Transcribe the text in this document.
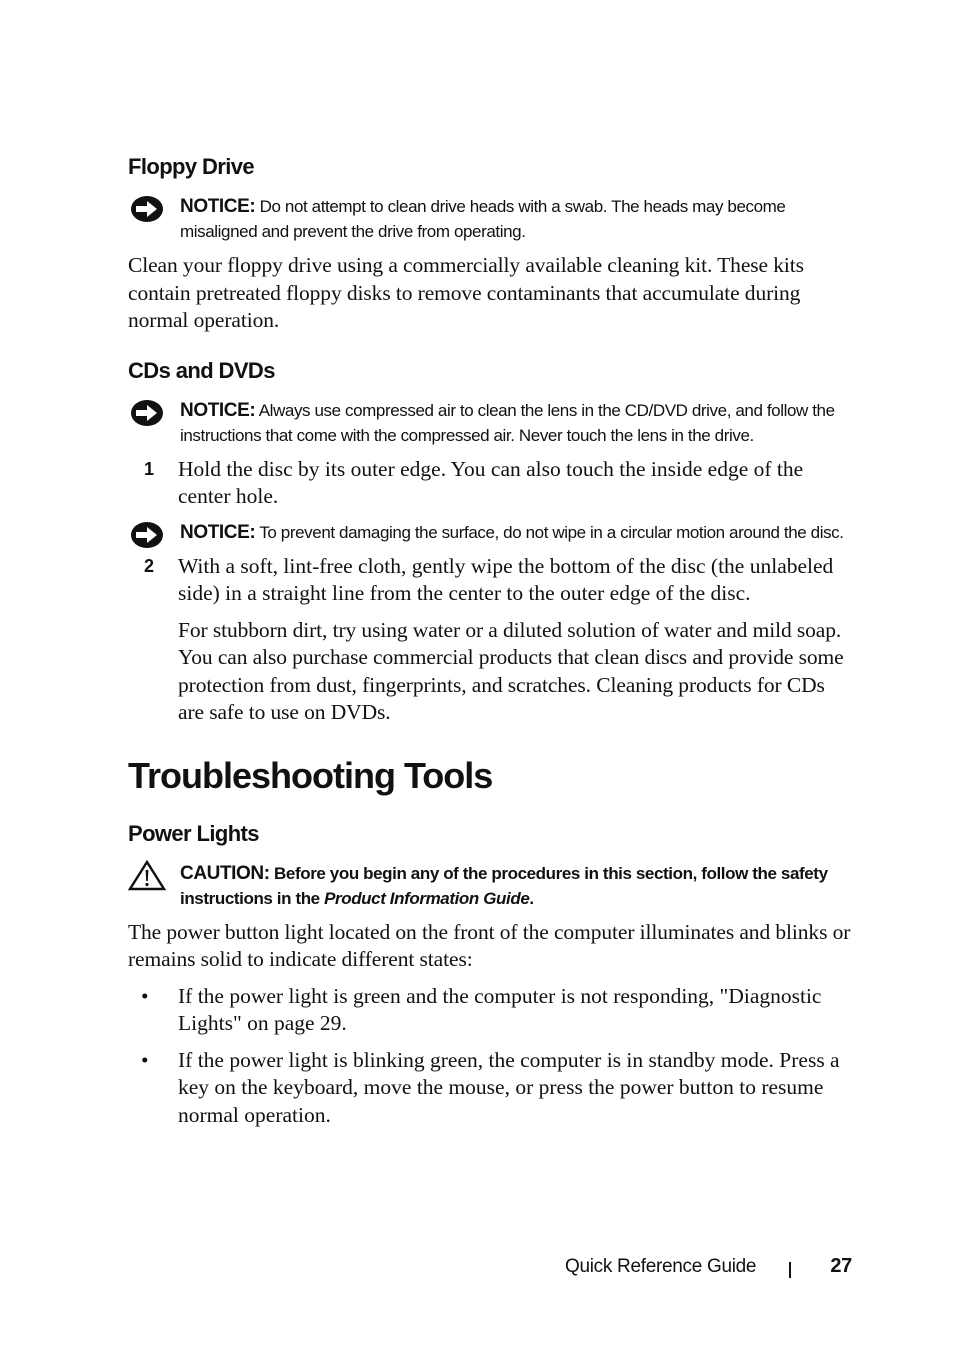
Floppy Drive
NOTICE: Do not attempt to clean drive heads with a swab. The heads may become misaligned and prevent the drive from operating.

Clean your floppy drive using a commercially available cleaning kit. These kits contain pretreated floppy disks to remove contaminants that accumulate during normal operation.

CDs and DVDs
NOTICE: Always use compressed air to clean the lens in the CD/DVD drive, and follow the instructions that come with the compressed air. Never touch the lens in the drive.
1 Hold the disc by its outer edge. You can also touch the inside edge of the center hole.
NOTICE: To prevent damaging the surface, do not wipe in a circular motion around the disc.
2 With a soft, lint-free cloth, gently wipe the bottom of the disc (the unlabeled side) in a straight line from the center to the outer edge of the disc.

For stubborn dirt, try using water or a diluted solution of water and mild soap. You can also purchase commercial products that clean discs and provide some protection from dust, fingerprints, and scratches. Cleaning products for CDs are safe to use on DVDs.

Troubleshooting Tools
Power Lights
CAUTION: Before you begin any of the procedures in this section, follow the safety instructions in the Product Information Guide.

The power button light located on the front of the computer illuminates and blinks or remains solid to indicate different states:

• If the power light is green and the computer is not responding, "Diagnostic Lights" on page 29.
• If the power light is blinking green, the computer is in standby mode. Press a key on the keyboard, move the mouse, or press the power button to resume normal operation.
Quick Reference Guide	27
